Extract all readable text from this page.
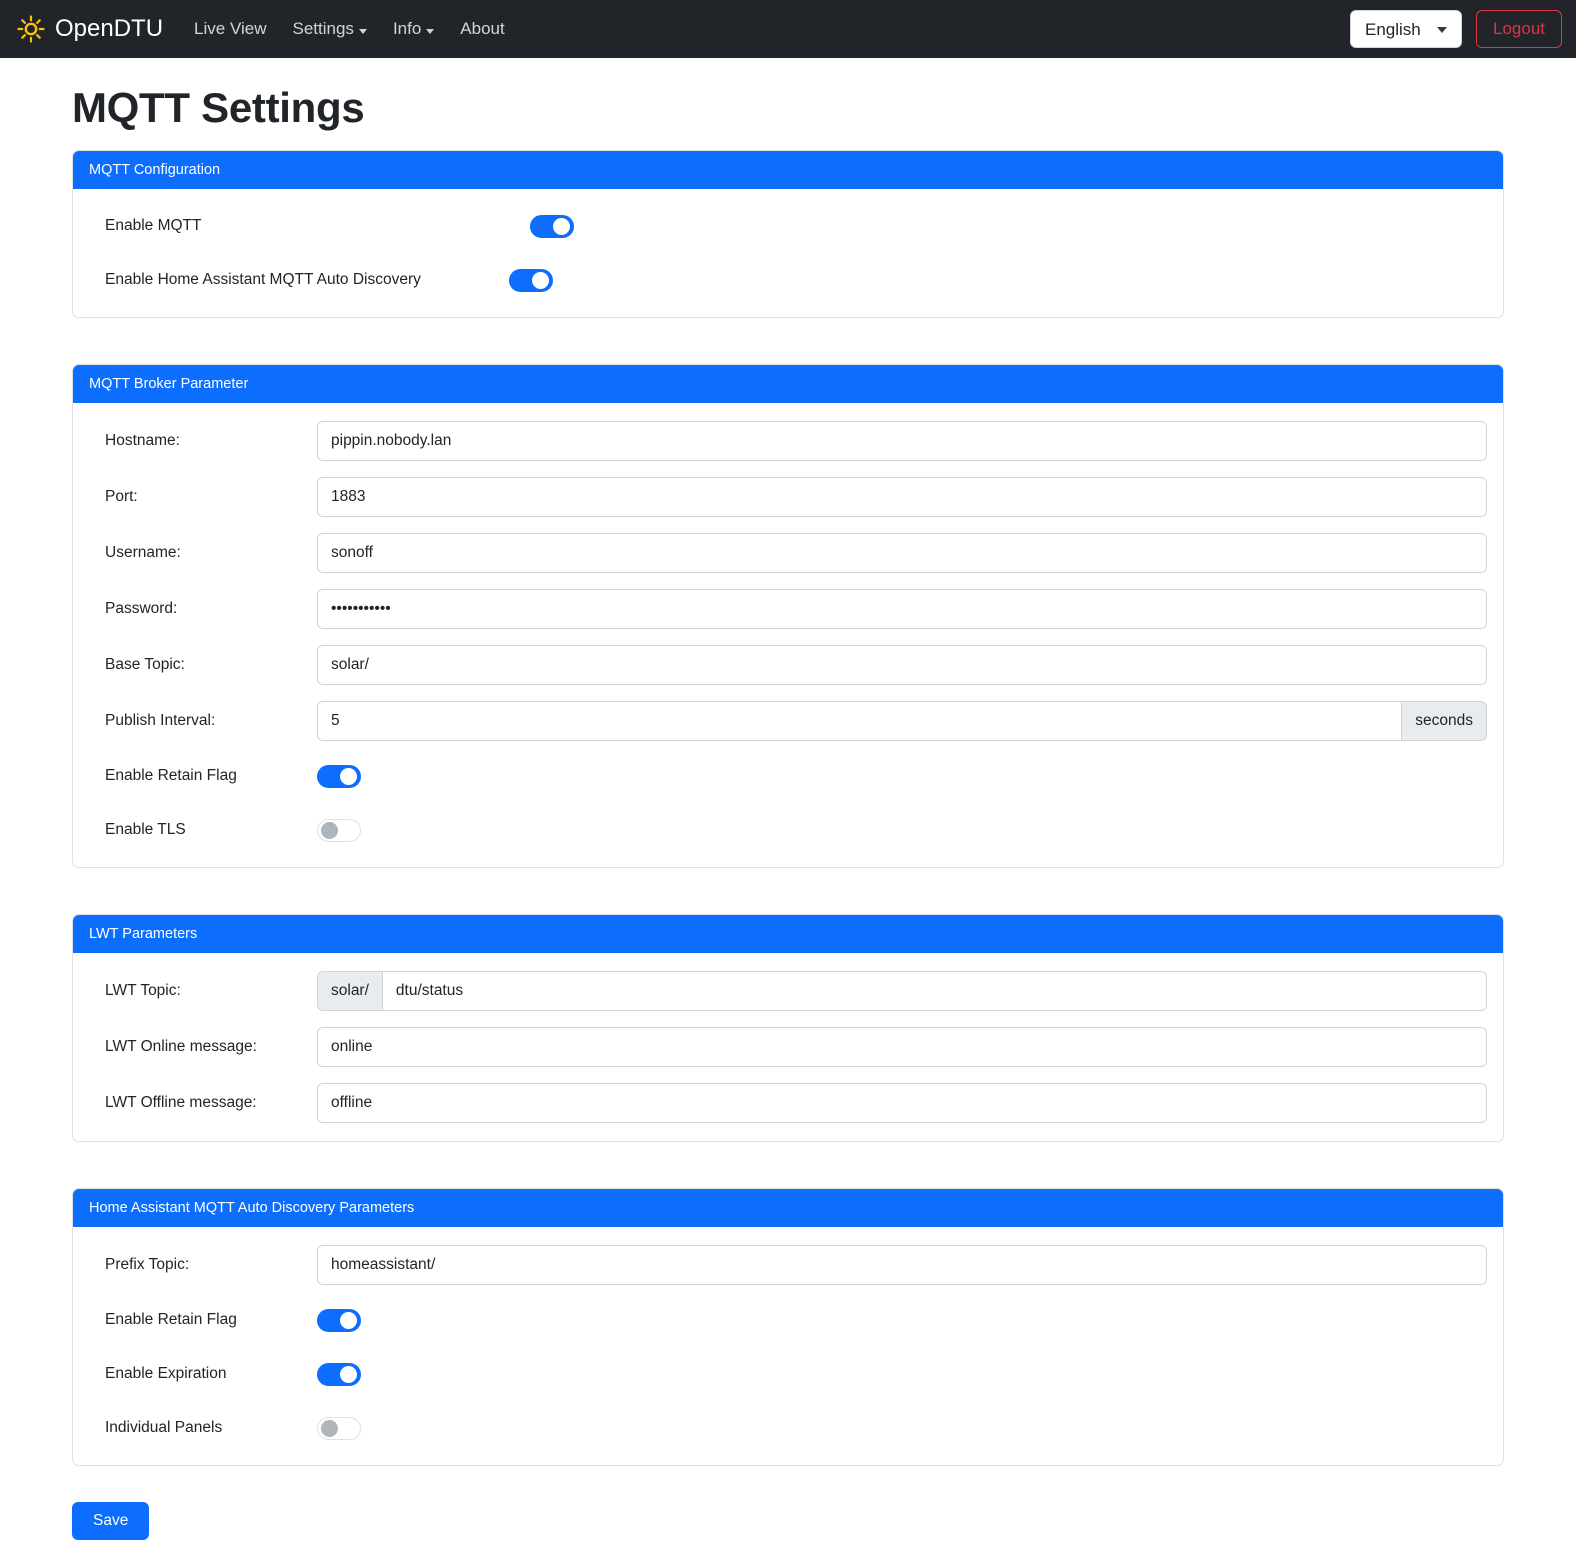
OpenDTU Live View Settings Info About
English	Logout
MQTT Settings
MQTT Configuration
Enable MQTT
Enable Home Assistant MQTT Auto Discovery
MQTT Broker Parameter
Hostname:
pippin.nobody.lan
Port:
1883
Username:
sonoff
Password:
•••••••••••
Base Topic:
solar/
Publish Interval:
5	seconds
Enable Retain Flag
Enable TLS
LWT Parameters
LWT Topic:	solar/
dtu/status
LWT Online message:
online
LWT Offline message:
offline
Home Assistant MQTT Auto Discovery Parameters
Prefix Topic:
homeassistant/
Enable Retain Flag
Enable Expiration
Individual Panels
Save
